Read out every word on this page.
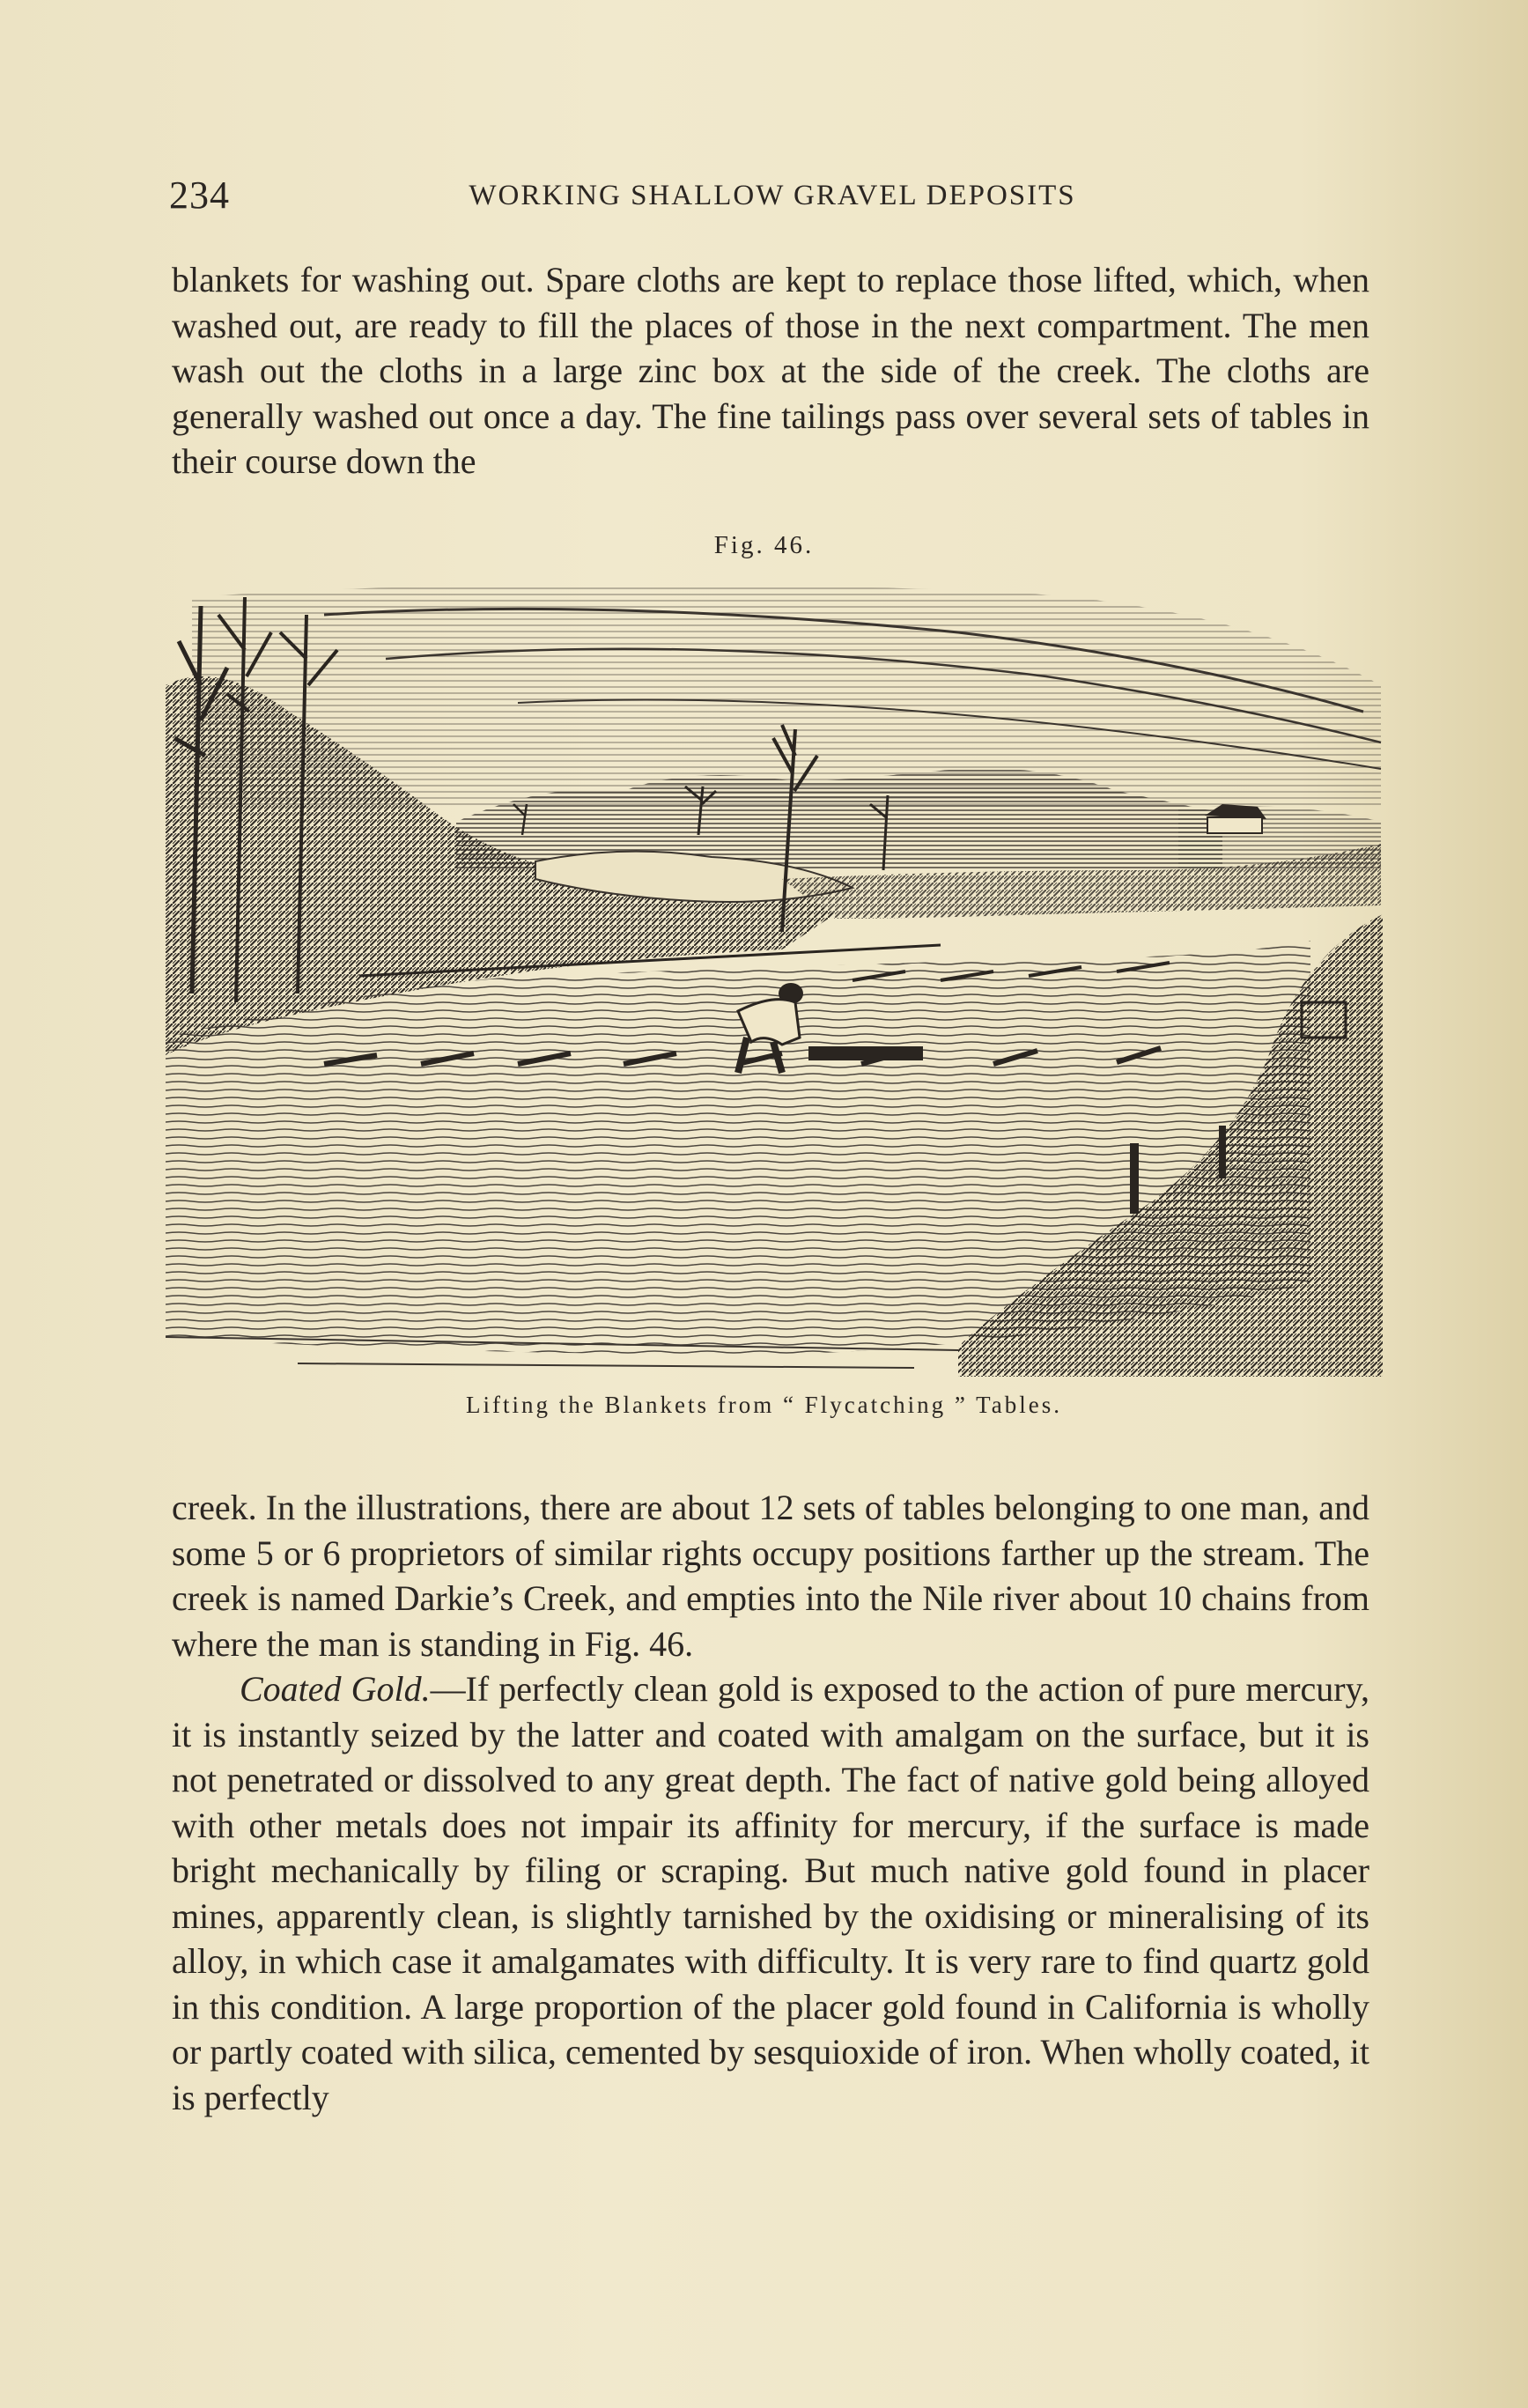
234	WORKING SHALLOW GRAVEL DEPOSITS

blankets for washing out. Spare cloths are kept to replace those lifted, which, when washed out, are ready to fill the places of those in the next compartment. The men wash out the cloths in a large zinc box at the side of the creek. The cloths are generally washed out once a day. The fine tailings pass over several sets of tables in their course down the

Fig. 46.
Lifting the Blankets from “ Flycatching ” Tables.

creek. In the illustrations, there are about 12 sets of tables belonging to one man, and some 5 or 6 proprietors of similar rights occupy positions farther up the stream. The creek is named Darkie’s Creek, and empties into the Nile river about 10 chains from where the man is standing in Fig. 46.

Coated Gold.—If perfectly clean gold is exposed to the action of pure mercury, it is instantly seized by the latter and coated with amalgam on the surface, but it is not penetrated or dissolved to any great depth. The fact of native gold being alloyed with other metals does not impair its affinity for mercury, if the surface is made bright mechanically by filing or scraping. But much native gold found in placer mines, apparently clean, is slightly tarnished by the oxidising or mineralising of its alloy, in which case it amalgamates with difficulty. It is very rare to find quartz gold in this condition. A large proportion of the placer gold found in California is wholly or partly coated with silica, cemented by sesquioxide of iron. When wholly coated, it is perfectly
